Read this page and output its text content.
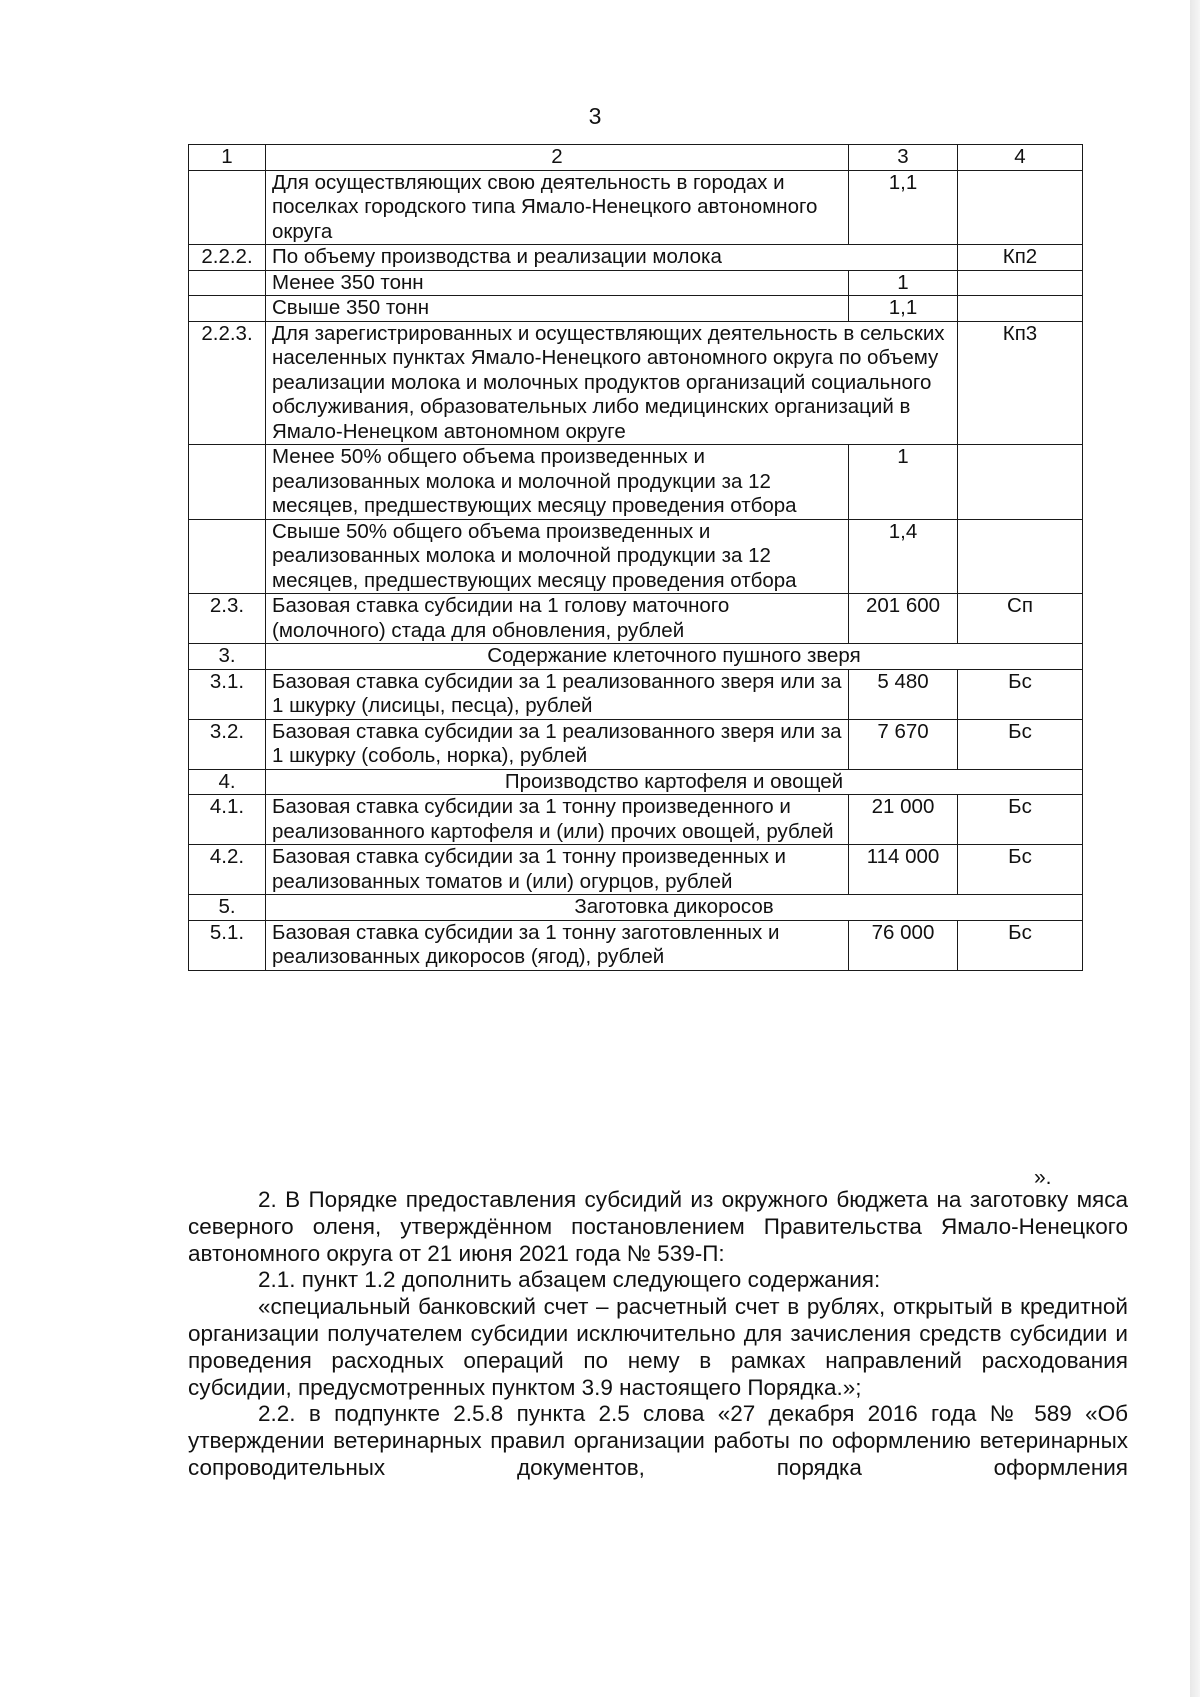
3
1	2	3	4
	Для осуществляющих свою деятельность в городах и поселках городского типа Ямало-Ненецкого автономного округа	1,1	
2.2.2.	По объему производства и реализации молока		Кп2
	Менее 350 тонн	1	
	Свыше 350 тонн	1,1	
2.2.3.	Для зарегистрированных и осуществляющих деятельность в сельских населенных пунктах Ямало-Ненецкого автономного округа по объему реализации молока и молочных продуктов организаций социального обслуживания, образовательных либо медицинских организаций в Ямало-Ненецком автономном округе		Кп3
	Менее 50% общего объема произведенных и реализованных молока и молочной продукции за 12 месяцев, предшествующих месяцу проведения отбора	1	
	Свыше 50% общего объема произведенных и реализованных молока и молочной продукции за 12 месяцев, предшествующих месяцу проведения отбора	1,4	
2.3.	Базовая ставка субсидии на 1 голову маточного (молочного) стада для обновления, рублей	201 600	Сп
3.	Содержание клеточного пушного зверя		
3.1.	Базовая ставка субсидии за 1 реализованного зверя или за 1 шкурку (лисицы, песца), рублей	5 480	Бс
3.2.	Базовая ставка субсидии за 1 реализованного зверя или за 1 шкурку (соболь, норка), рублей	7 670	Бс
4.	Производство картофеля и овощей		
4.1.	Базовая ставка субсидии за 1 тонну произведенного и реализованного картофеля и (или) прочих овощей, рублей	21 000	Бс
4.2.	Базовая ставка субсидии за 1 тонну произведенных и реализованных томатов и (или) огурцов, рублей	114 000	Бс
5.	Заготовка дикоросов		
5.1.	Базовая ставка субсидии за 1 тонну заготовленных и реализованных дикоросов (ягод), рублей	76 000	Бс
».

2. В Порядке предоставления субсидий из окружного бюджета на заготовку мяса северного оленя, утверждённом постановлением Правительства Ямало-Ненецкого автономного округа от 21 июня 2021 года № 539-П:

2.1. пункт 1.2 дополнить абзацем следующего содержания:

«специальный банковский счет – расчетный счет в рублях, открытый в кредитной организации получателем субсидии исключительно для зачисления средств субсидии и проведения расходных операций по нему в рамках направлений расходования субсидии, предусмотренных пунктом 3.9 настоящего Порядка.»;

2.2. в подпункте 2.5.8 пункта 2.5 слова «27 декабря 2016 года № 589 «Об утверждении ветеринарных правил организации работы по оформлению ветеринарных сопроводительных документов, порядка оформления
